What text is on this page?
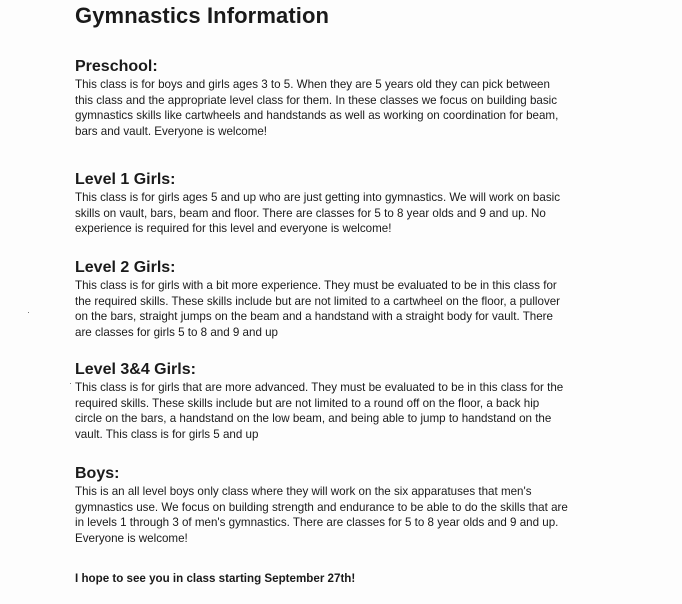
Gymnastics Information
Preschool:
This class is for boys and girls ages 3 to 5. When they are 5 years old they can pick between
this class and the appropriate level class for them. In these classes we focus on building basic
gymnastics skills like cartwheels and handstands as well as working on coordination for beam,
bars and vault. Everyone is welcome!
Level 1 Girls:
This class is for girls ages 5 and up who are just getting into gymnastics. We will work on basic
skills on vault, bars, beam and floor. There are classes for 5 to 8 year olds and 9 and up. No
experience is required for this level and everyone is welcome!
Level 2 Girls:
This class is for girls with a bit more experience. They must be evaluated to be in this class for
the required skills. These skills include but are not limited to a cartwheel on the floor, a pullover
on the bars, straight jumps on the beam and a handstand with a straight body for vault. There
are classes for girls 5 to 8 and 9 and up
Level 3&4 Girls:
This class is for girls that are more advanced. They must be evaluated to be in this class for the
required skills. These skills include but are not limited to a round off on the floor, a back hip
circle on the bars, a handstand on the low beam, and being able to jump to handstand on the
vault. This class is for girls 5 and up
Boys:
This is an all level boys only class where they will work on the six apparatuses that men's
gymnastics use. We focus on building strength and endurance to be able to do the skills that are
in levels 1 through 3 of men's gymnastics. There are classes for 5 to 8 year olds and 9 and up.
Everyone is welcome!
I hope to see you in class starting September 27th!
